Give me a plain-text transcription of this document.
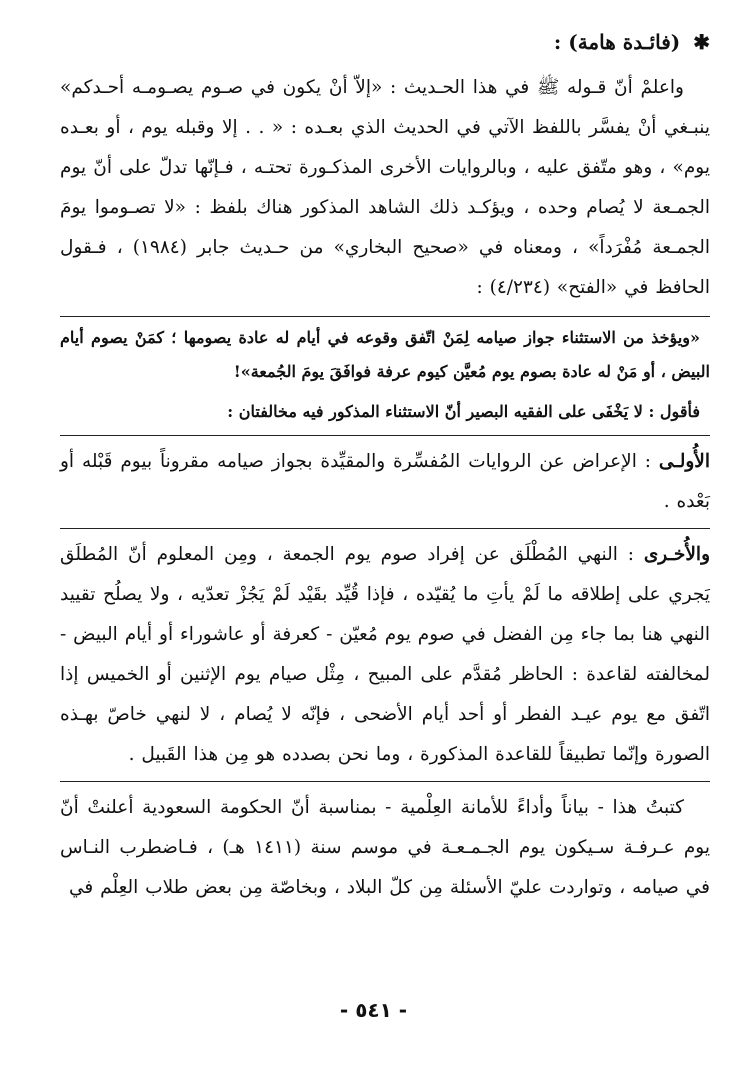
✱ (فائـدة هامة) :

واعلمْ أنّ قـوله ﷺ في هذا الحـديث : «إلاّ أنْ يكون في صـوم يصـومـه أحـدكم» ينبـغي أنْ يفسَّر باللفظ الآتي في الحديث الذي بعـده : « . . إلا وقبله يوم ، أو بعـده يوم» ، وهو متّفق عليه ، وبالروايات الأخرى المذكـورة تحتـه ، فـإنّها تدلّ على أنّ يوم الجمـعة لا يُصام وحده ، ويؤكـد ذلك الشاهد المذكور هناك بلفظ : «لا تصـوموا يومَ الجمـعة مُفْرَداً» ، ومعناه في «صحيح البخاري» من حـديث جابر (١٩٨٤) ، فـقول الحافظ في «الفتح» (٤/٢٣٤) :

«ويؤخذ من الاستثناء جواز صيامه لِمَنْ اتّفق وقوعه في أيام له عادة يصومها ؛ كمَنْ يصوم أيام البيض ، أو مَنْ له عادة بصوم يوم مُعيَّن كيوم عرفة فوافَقَ يومَ الجُمعة»!

فأقول : لا يَخْفَى على الفقيه البصير أنّ الاستثناء المذكور فيه مخالفتان :

الأُولـى : الإعراض عن الروايات المُفسِّرة والمقيِّدة بجواز صيامه مقروناً بيوم قَبْله أو بَعْده .

والأُخـرى : النهي المُطْلَق عن إفراد صوم يوم الجمعة ، ومِن المعلوم أنّ المُطلَق يَجري على إطلاقه ما لَمْ يأتِ ما يُقيّده ، فإذا قُيِّد بقَيْد لَمْ يَجُزْ تعدّيه ، ولا يصلُح تقييد النهي هنا بما جاء مِن الفضل في صوم يوم مُعيّن - كعرفة أو عاشوراء أو أيام البيض - لمخالفته لقاعدة : الحاظر مُقدَّم على المبيح ، مِثْل صيام يوم الإثنين أو الخميس إذا اتّفق مع يوم عيـد الفطر أو أحد أيام الأضحى ، فإنّه لا يُصام ، لا لنهي خاصّ بهـذه الصورة وإنّما تطبيقاً للقاعدة المذكورة ، وما نحن بصدده هو مِن هذا القَبيل .

كتبتُ هذا - بياناً وأداءً للأمانة العِلْمية - بمناسبة أنّ الحكومة السعودية أعلنتْ أنّ يوم عـرفـة سـيكون يوم الجـمـعـة في موسم سنة (١٤١١ هـ) ، فـاضطرب النـاس في صيامه ، وتواردت عليّ الأسئلة مِن كلّ البلاد ، وبخاصّة مِن بعض طلاب العِلْم في

- ٥٤١ -
